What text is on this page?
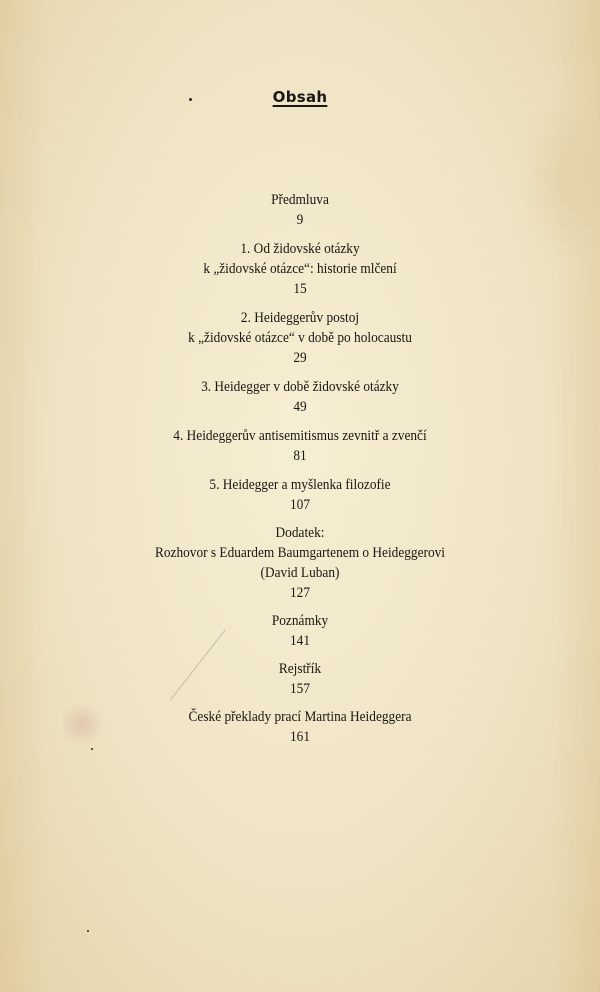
Obsah
Předmluva
9
1. Od židovské otázky
k „židovské otázce“: historie mlčení
15
2. Heideggerův postoj
k „židovské otázce“ v době po holocaustu
29
3. Heidegger v době židovské otázky
49
4. Heideggerův antisemitismus zevnitř a zvenčí
81
5. Heidegger a myšlenka filozofie
107
Dodatek:
Rozhovor s Eduardem Baumgartenem o Heideggerovi
(David Luban)
127
Poznámky
141
Rejstřík
157
České překlady prací Martina Heideggera
161
